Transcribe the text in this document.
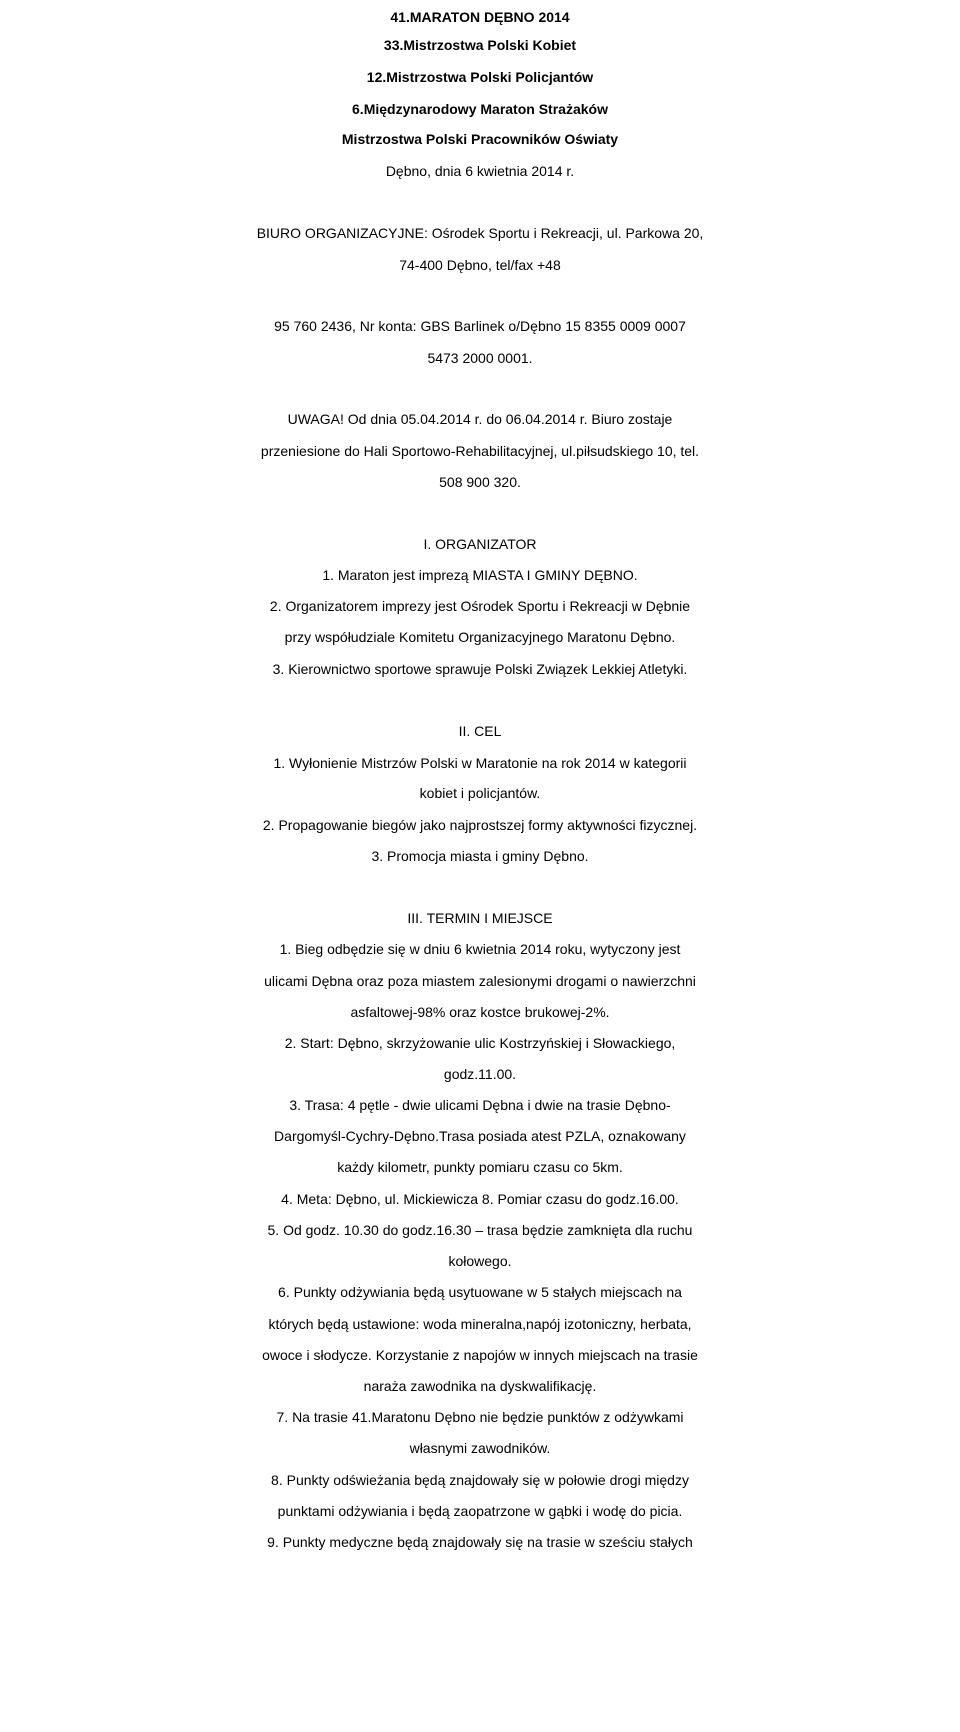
41.MARATON DĘBNO 2014
33.Mistrzostwa Polski Kobiet
12.Mistrzostwa Polski Policjantów
6.Międzynarodowy Maraton Strażaków
Mistrzostwa Polski Pracowników Oświaty
Dębno, dnia 6 kwietnia 2014 r.
BIURO ORGANIZACYJNE: Ośrodek Sportu i Rekreacji, ul. Parkowa 20,
74-400 Dębno, tel/fax +48
95 760 2436, Nr konta: GBS Barlinek o/Dębno 15 8355 0009 0007
5473 2000 0001.
UWAGA! Od dnia 05.04.2014 r. do 06.04.2014 r. Biuro zostaje
przeniesione do Hali Sportowo-Rehabilitacyjnej, ul.piłsudskiego 10, tel.
508 900 320.
I. ORGANIZATOR
1. Maraton jest imprezą MIASTA I GMINY DĘBNO.
2. Organizatorem imprezy jest Ośrodek Sportu i Rekreacji w Dębnie
przy współudziale Komitetu Organizacyjnego Maratonu Dębno.
3. Kierownictwo sportowe sprawuje Polski Związek Lekkiej Atletyki.
II. CEL
1. Wyłonienie Mistrzów Polski w Maratonie na rok 2014 w kategorii
kobiet i policjantów.
2. Propagowanie biegów jako najprostszej formy aktywności fizycznej.
3. Promocja miasta i gminy Dębno.
III. TERMIN I MIEJSCE
1. Bieg odbędzie się w dniu 6 kwietnia 2014 roku, wytyczony jest
ulicami Dębna oraz poza miastem zalesionymi drogami o nawierzchni
asfaltowej-98% oraz kostce brukowej-2%.
2. Start: Dębno, skrzyżowanie ulic Kostrzyńskiej i Słowackiego,
godz.11.00.
3. Trasa: 4 pętle - dwie ulicami Dębna i dwie na trasie Dębno-
Dargomyśl-Cychry-Dębno.Trasa posiada atest PZLA, oznakowany
każdy kilometr, punkty pomiaru czasu co 5km.
4. Meta: Dębno, ul. Mickiewicza 8. Pomiar czasu do godz.16.00.
5. Od godz. 10.30 do godz.16.30 – trasa będzie zamknięta dla ruchu
kołowego.
6. Punkty odżywiania będą usytuowane w 5 stałych miejscach na
których będą ustawione: woda mineralna,napój izotoniczny, herbata,
owoce i słodycze. Korzystanie z napojów w innych miejscach na trasie
naraża zawodnika na dyskwalifikację.
7. Na trasie 41.Maratonu Dębno nie będzie punktów z odżywkami
własnymi zawodników.
8. Punkty odświeżania będą znajdowały się w połowie drogi między
punktami odżywiania i będą zaopatrzone w gąbki i wodę do picia.
9. Punkty medyczne będą znajdowały się na trasie w sześciu stałych
